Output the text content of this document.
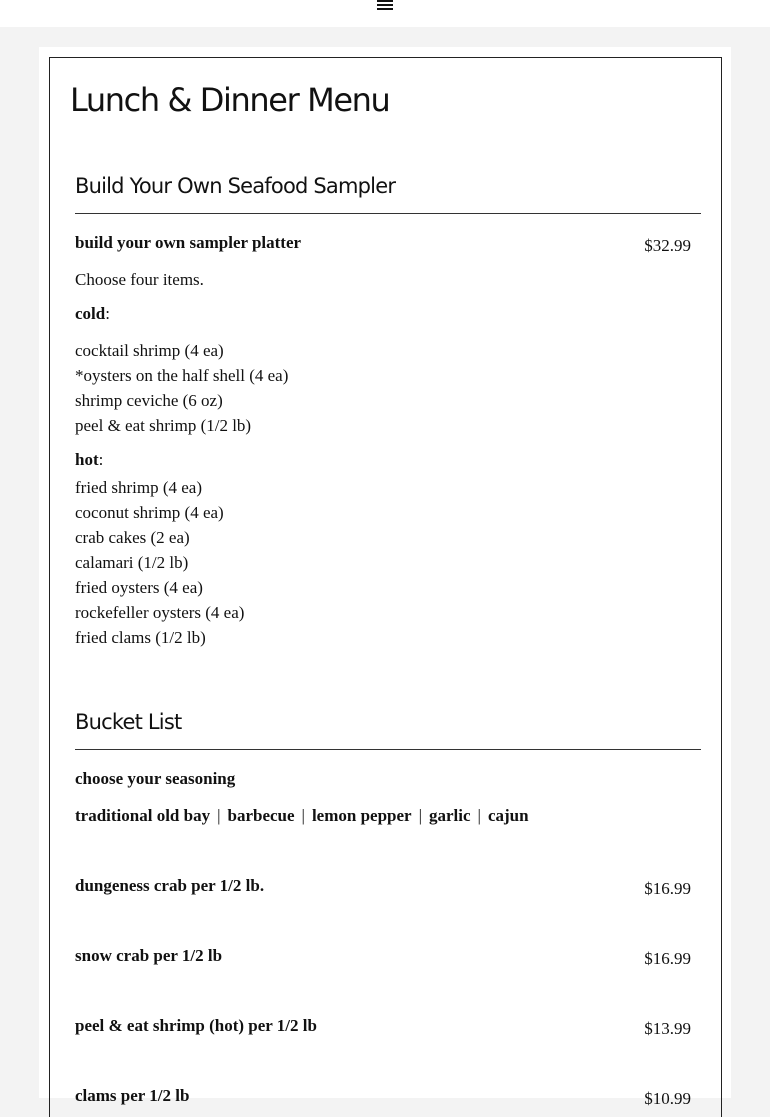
Lunch & Dinner Menu
Build Your Own Seafood Sampler
build your own sampler platter	$32.99
Choose four items.
cold:
cocktail shrimp (4 ea)
*oysters on the half shell (4 ea)
shrimp ceviche (6 oz)
peel & eat shrimp (1/2 lb)
hot:
fried shrimp (4 ea)
coconut shrimp (4 ea)
crab cakes (2 ea)
calamari (1/2 lb)
fried oysters (4 ea)
rockefeller oysters (4 ea)
fried clams (1/2 lb)
Bucket List
choose your seasoning
traditional old bay | barbecue | lemon pepper | garlic | cajun
dungeness crab per 1/2 lb.	$16.99
snow crab per 1/2 lb	$16.99
peel & eat shrimp (hot) per 1/2 lb	$13.99
clams per 1/2 lb	$10.99
